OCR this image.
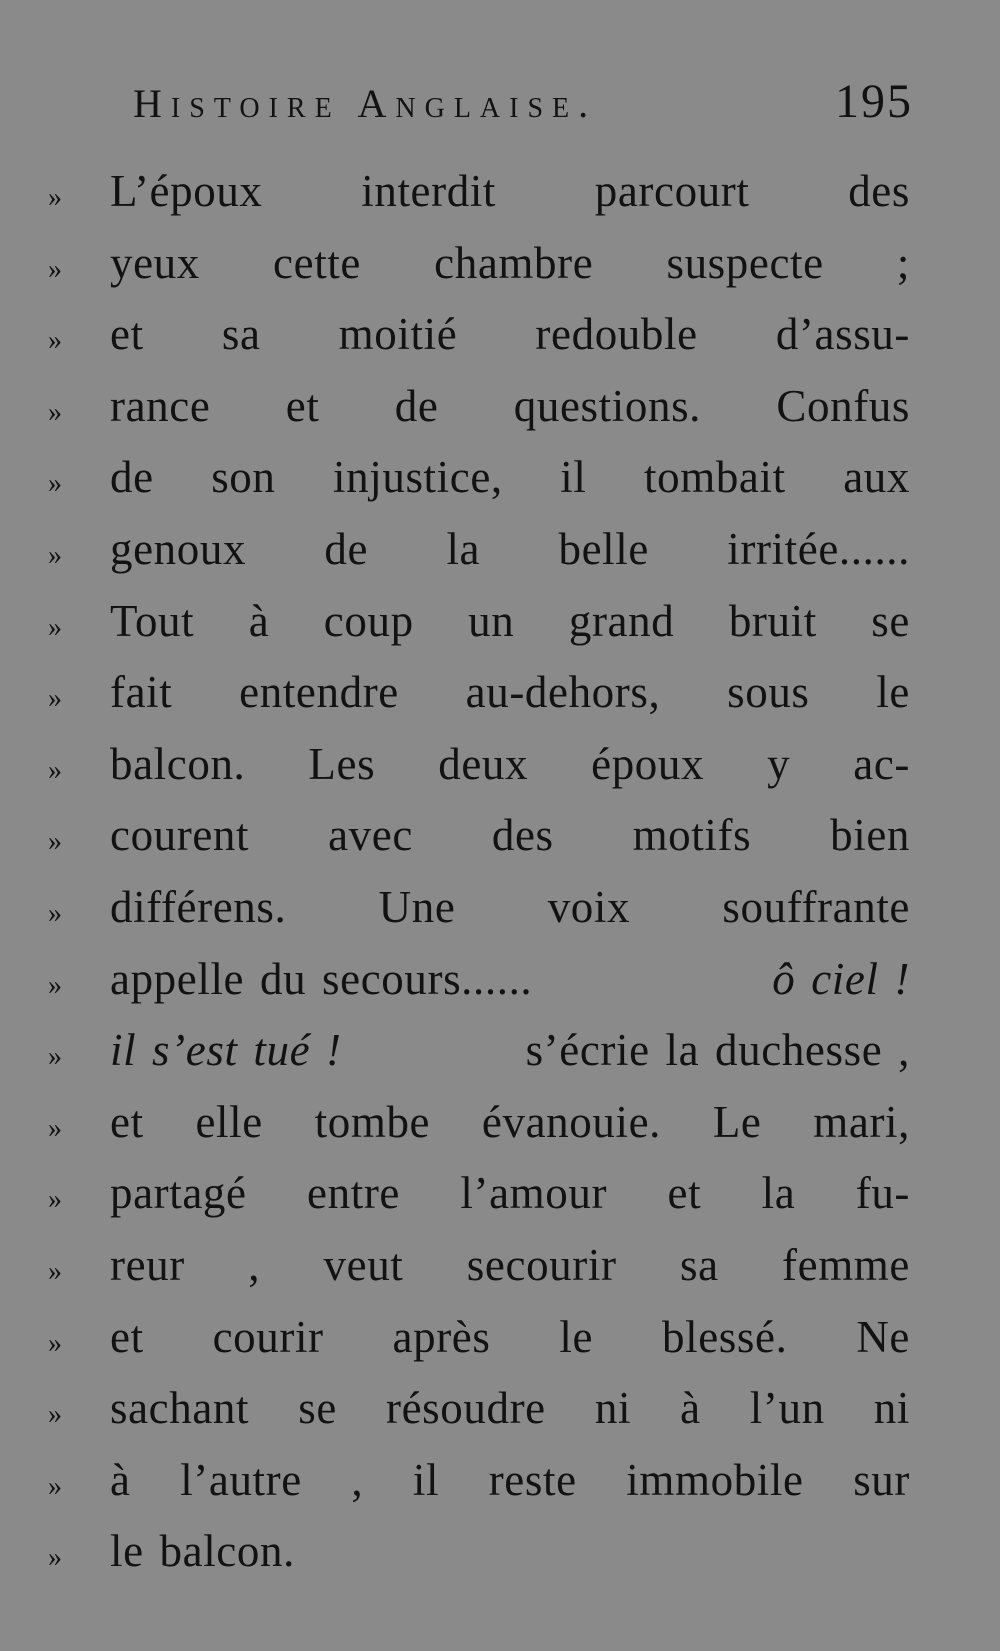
Histoire Anglaise.	195
»	L’époux interdit parcourt des
»	yeux cette chambre suspecte ;
»	et sa moitié redouble d’assu-
»	rance et de questions. Confus
»	de son injustice, il tombait aux
»	genoux de la belle irritée......
»	Tout à coup un grand bruit se
»	fait entendre au-dehors, sous le
»	balcon. Les deux époux y ac-
»	courent avec des motifs bien
»	différens. Une voix souffrante
»	appelle du secours......	ô ciel !
»	il s’est tué !	s’écrie la duchesse ,
»	et elle tombe évanouie. Le mari,
»	partagé entre l’amour et la fu-
»	reur , veut secourir sa femme
»	et courir après le blessé. Ne
»	sachant se résoudre ni à l’un ni
»	à l’autre , il reste immobile sur
»	le balcon.
